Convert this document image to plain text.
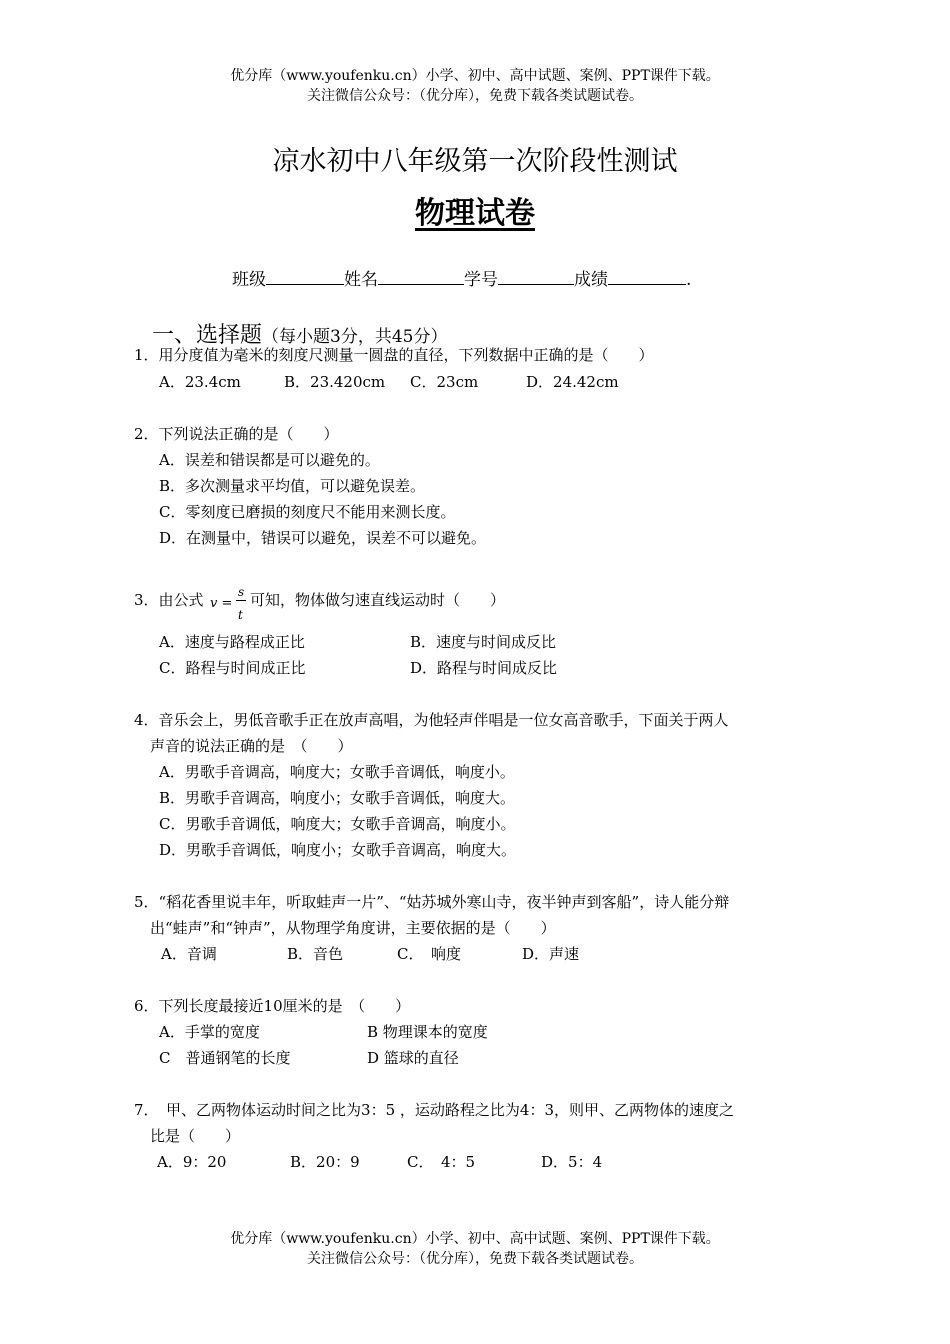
优分库（www.youfenku.cn）小学、初中、高中试题、案例、PPT课件下载。
关注微信公众号：（优分库），免费下载各类试题试卷。
凉水初中八年级第一次阶段性测试
物理试卷
班级	姓名	学号	成绩	.
一、选择题（每小题3分，共45分）
1．用分度值为毫米的刻度尺测量一圆盘的直径，下列数据中正确的是（　　）
A．23.4cm	B．23.420cm C．23cm	D．24.42cm
2．下列说法正确的是（　　）
A．误差和错误都是可以避免的。
B．多次测量求平均值，可以避免误差。
C．零刻度已磨损的刻度尺不能用来测长度。
D．在测量中，错误可以避免，误差不可以避免。
3．由公式 v =
s
t
可知，物体做匀速直线运动时（　　）
A．速度与路程成正比	B．速度与时间成反比
C．路程与时间成正比	D．路程与时间成反比
4．音乐会上，男低音歌手正在放声高唱，为他轻声伴唱是一位女高音歌手，下面关于两人
声音的说法正确的是　（　　）
A．男歌手音调高，响度大；女歌手音调低，响度小。
B．男歌手音调高，响度小；女歌手音调低，响度大。
C．男歌手音调低，响度大；女歌手音调高，响度小。
D．男歌手音调低，响度小；女歌手音调高，响度大。
5．“稻花香里说丰年，听取蛙声一片”、“姑苏城外寒山寺，夜半钟声到客船”，诗人能分辩
出“蛙声”和“钟声”，从物理学角度讲，主要依据的是（　　）
A．音调	B．音色	C．　响度	D．声速
6．下列长度最接近10厘米的是　（　　）
A．手掌的宽度	B 物理课本的宽度
C　普通钢笔的长度	D 篮球的直径
7．　甲、乙两物体运动时间之比为3：5 ，运动路程之比为4：3，则甲、乙两物体的速度之
比是（　　）
A．9：20	B．20：9	C．　4：5	D．5：4
优分库（www.youfenku.cn）小学、初中、高中试题、案例、PPT课件下载。
关注微信公众号：（优分库），免费下载各类试题试卷。
